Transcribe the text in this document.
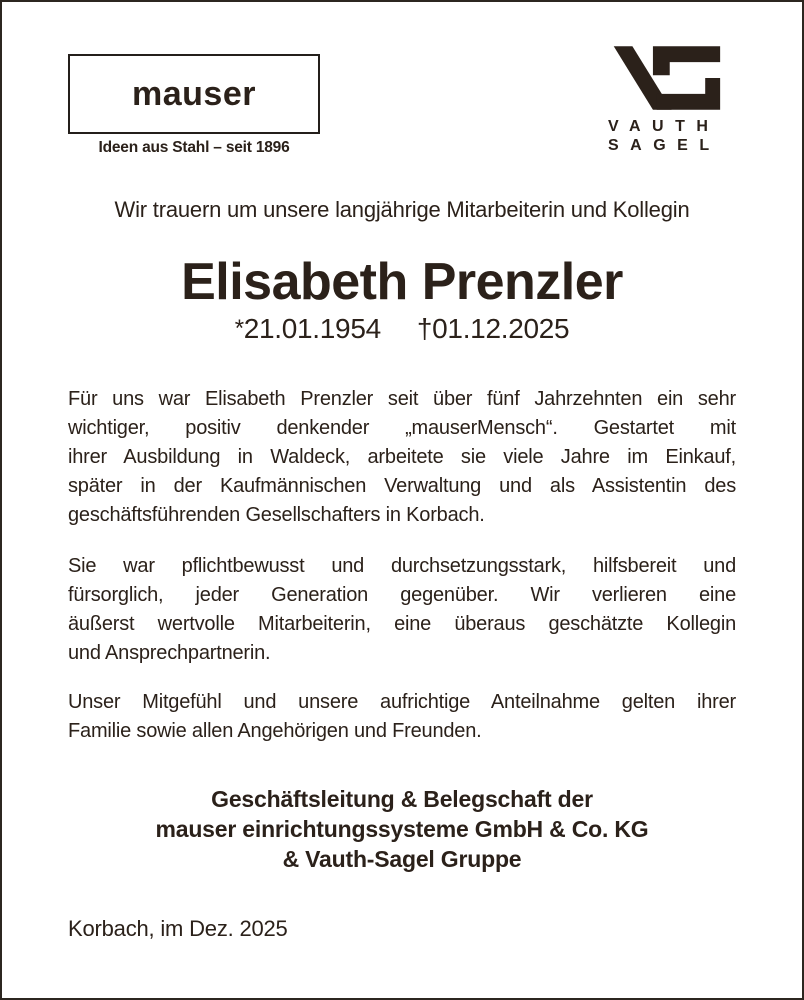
mauser
Ideen aus Stahl – seit 1896
VAUTH
SAGEL
Wir trauern um unsere langjährige Mitarbeiterin und Kollegin
Elisabeth Prenzler
*21.01.1954 †01.12.2025
Für uns war Elisabeth Prenzler seit über fünf Jahrzehnten ein sehr
wichtiger, positiv denkender „mauserMensch“. Gestartet mit
ihrer Ausbildung in Waldeck, arbeitete sie viele Jahre im Einkauf,
später in der Kaufmännischen Verwaltung und als Assistentin des
geschäftsführenden Gesellschafters in Korbach.
Sie war pflichtbewusst und durchsetzungsstark, hilfsbereit und
fürsorglich, jeder Generation gegenüber. Wir verlieren eine
äußerst wertvolle Mitarbeiterin, eine überaus geschätzte Kollegin
und Ansprechpartnerin.
Unser Mitgefühl und unsere aufrichtige Anteilnahme gelten ihrer
Familie sowie allen Angehörigen und Freunden.
Geschäftsleitung & Belegschaft der
mauser einrichtungssysteme GmbH & Co. KG
& Vauth-Sagel Gruppe
Korbach, im Dez. 2025
